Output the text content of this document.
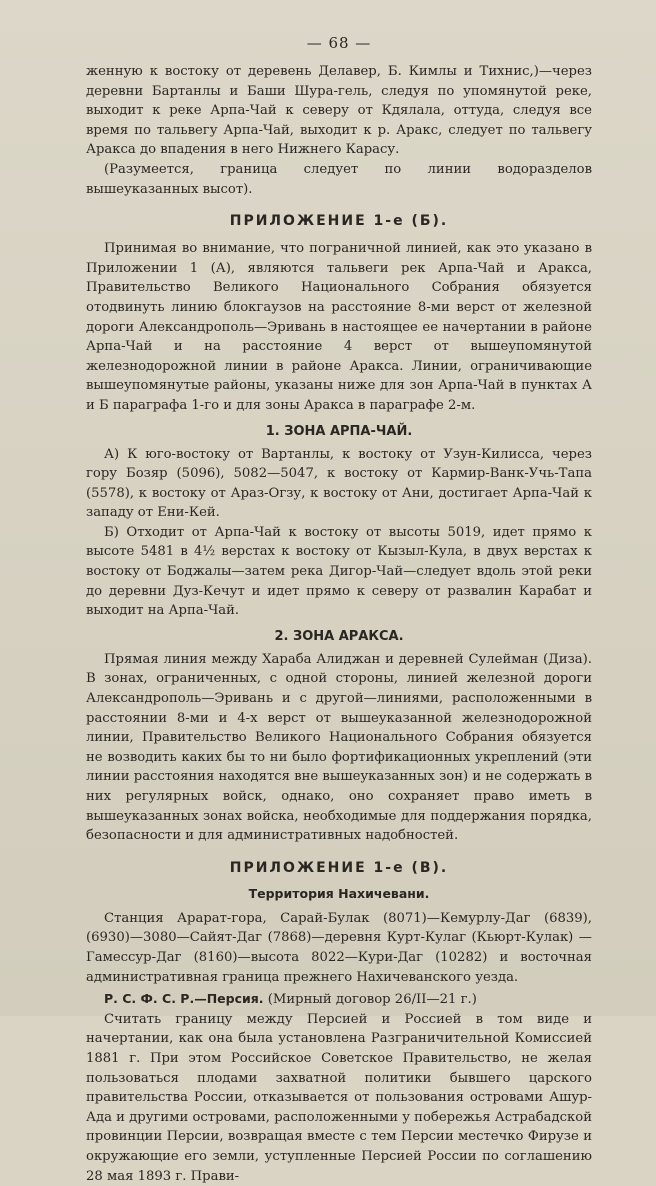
— 68 —

женную к востоку от деревень Делавер, Б. Кимлы и Тихнис,)—через деревни Бартанлы и Баши Шура-гель, следуя по упомянутой реке, выходит к реке Арпа-Чай к северу от Кдялала, оттуда, следуя все время по тальвегу Арпа-Чай, выходит к р. Аракс, следует по тальвегу Аракса до впадения в него Нижнего Карасу.

(Разумеется, граница следует по линии водоразделов вышеуказанных высот).

ПРИЛОЖЕНИЕ 1-е (Б).

Принимая во внимание, что пограничной линией, как это указано в Приложении 1 (А), являются тальвеги рек Арпа-Чай и Аракса, Правительство Великого Национального Собрания обязуется отодвинуть линию блокгаузов на расстояние 8-ми верст от железной дороги Александрополь—Эривань в настоящее ее начертании в районе Арпа-Чай и на расстояние 4 верст от вышеупомянутой железнодорожной линии в районе Аракса. Линии, ограничивающие вышеупомянутые районы, указаны ниже для зон Арпа-Чай в пунктах А и Б параграфа 1-го и для зоны Аракса в параграфе 2-м.

1. ЗОНА АРПА-ЧАЙ.

А) К юго-востоку от Вартанлы, к востоку от Узун-Килисса, через гору Бозяр (5096), 5082—5047, к востоку от Кармир-Ванк-Учь-Тапа (5578), к востоку от Араз-Огзу, к востоку от Ани, достигает Арпа-Чай к западу от Ени-Кей.

Б) Отходит от Арпа-Чай к востоку от высоты 5019, идет прямо к высоте 5481 в 4½ верстах к востоку от Кызыл-Кула, в двух верстах к востоку от Боджалы—затем река Дигор-Чай—следует вдоль этой реки до деревни Дуз-Кечут и идет прямо к северу от развалин Карабат и выходит на Арпа-Чай.

2. ЗОНА АРАКСА.

Прямая линия между Хараба Алиджан и деревней Сулейман (Диза). В зонах, ограниченных, с одной стороны, линией железной дороги Александрополь—Эривань и с другой—линиями, расположенными в расстоянии 8-ми и 4-х верст от вышеуказанной железнодорожной линии, Правительство Великого Национального Собрания обязуется не возводить каких бы то ни было фортификационных укреплений (эти линии расстояния находятся вне вышеуказанных зон) и не содержать в них регулярных войск, однако, оно сохраняет право иметь в вышеуказанных зонах войска, необходимые для поддержания порядка, безопасности и для административных надобностей.

ПРИЛОЖЕНИЕ 1-е (В).
Территория Нахичевани.

Станция Арарат-гора, Сарай-Булак (8071)—Кемурлу-Даг (6839), (6930)—3080—Сайят-Даг (7868)—деревня Курт-Кулаг (Кьюрт-Кулак) — Гамессур-Даг (8160)—высота 8022—Кури-Даг (10282) и восточная административная граница прежнего Нахичеванского уезда.

Р. С. Ф. С. Р.—Персия. (Мирный договор 26/II—21 г.)

Считать границу между Персией и Россией в том виде и начертании, как она была установлена Разграничительной Комиссией 1881 г. При этом Российское Советское Правительство, не желая пользоваться плодами захватной политики бывшего царского правительства России, отказывается от пользования островами Ашур-Ада и другими островами, расположенными у побережья Астрабадской провинции Персии, возвращая вместе с тем Персии местечко Фирузе и окружающие его земли, уступленные Персией России по соглашению 28 мая 1893 г. Прави-
